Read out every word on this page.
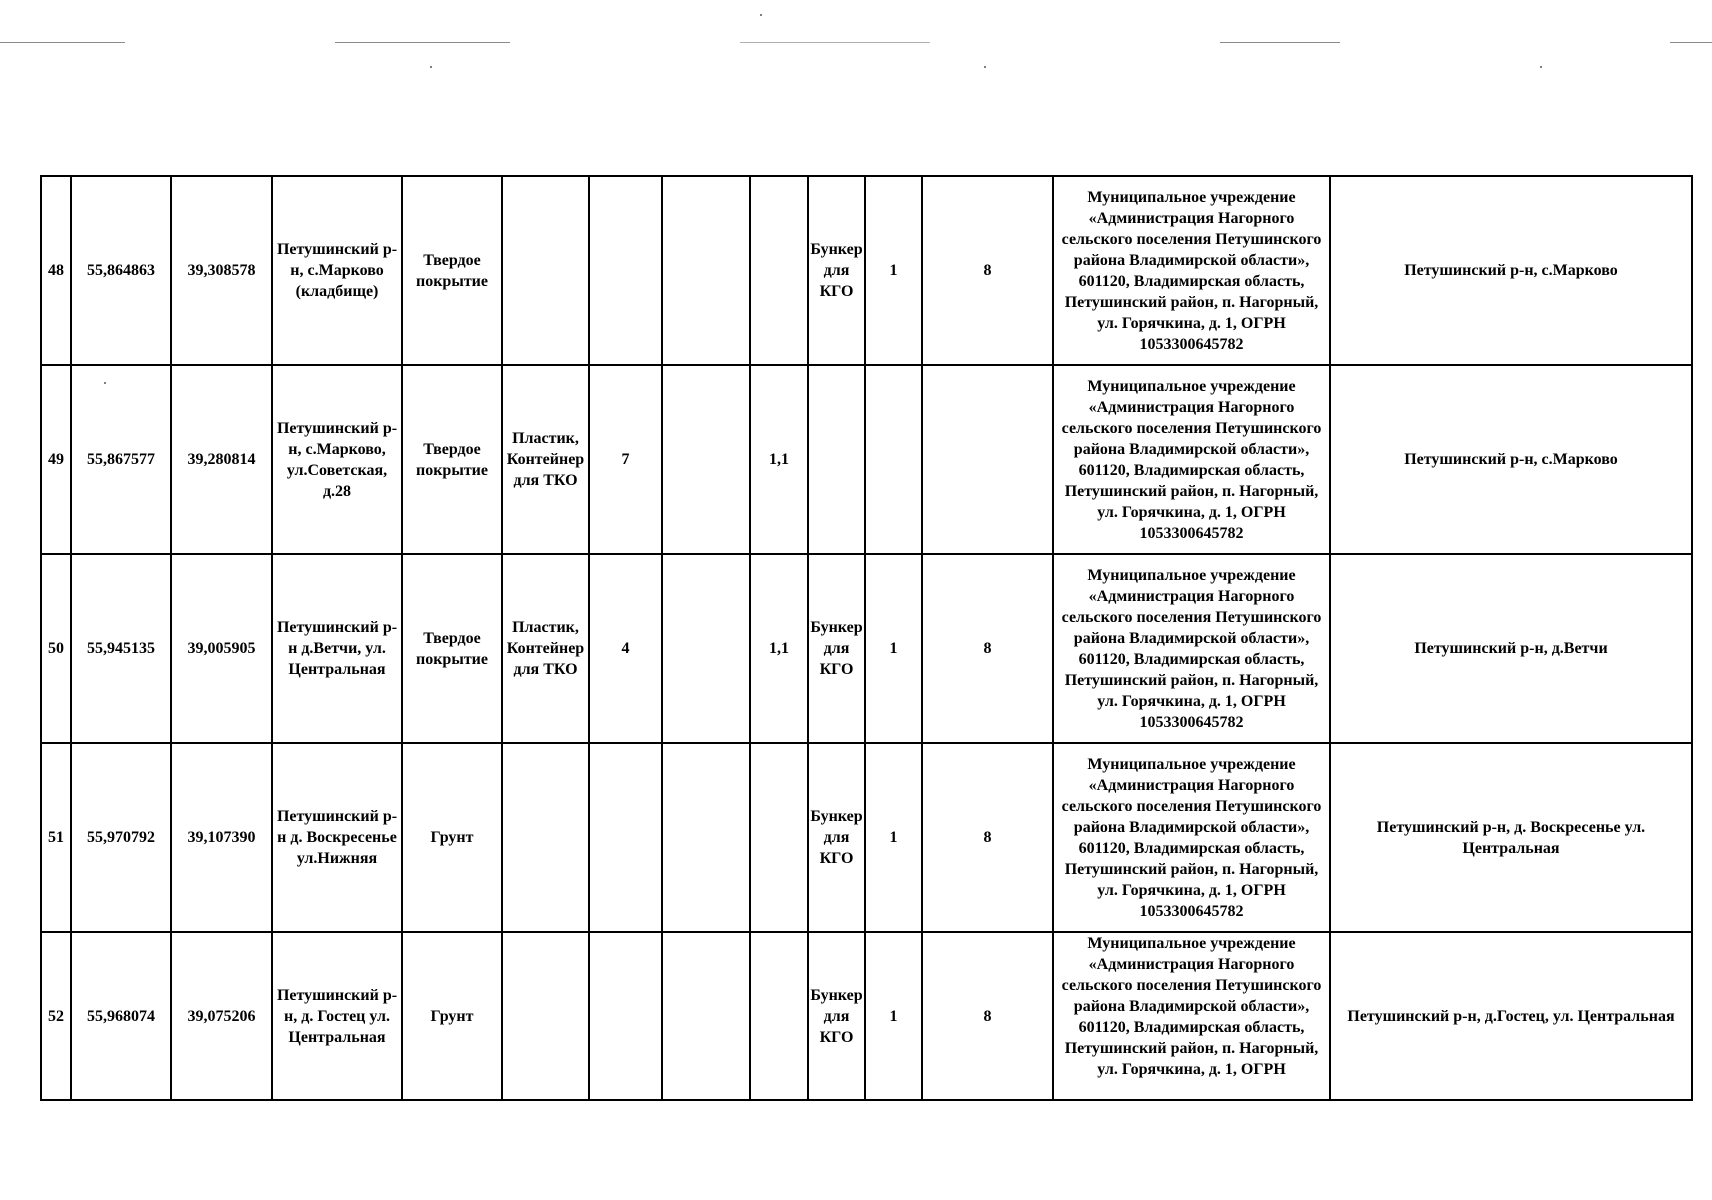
48	55,864863	39,308578	Петушинский р-н, с.Марково (кладбище)	Твердое покрытие					Бункер для КГО	1	8	Муниципальное учреждение «Администрация Нагорного сельского поселения Петушинского района Владимирской области», 601120, Владимирская область, Петушинский район, п. Нагорный, ул. Горячкина, д. 1, ОГРН 1053300645782	Петушинский р-н, с.Марково
49	55,867577	39,280814	Петушинский р-н, с.Марково, ул.Советская, д.28	Твердое покрытие	Пластик, Контейнер для ТКО	7		1,1				Муниципальное учреждение «Администрация Нагорного сельского поселения Петушинского района Владимирской области», 601120, Владимирская область, Петушинский район, п. Нагорный, ул. Горячкина, д. 1, ОГРН 1053300645782	Петушинский р-н, с.Марково
50	55,945135	39,005905	Петушинский р-н д.Ветчи, ул. Центральная	Твердое покрытие	Пластик, Контейнер для ТКО	4		1,1	Бункер для КГО	1	8	Муниципальное учреждение «Администрация Нагорного сельского поселения Петушинского района Владимирской области», 601120, Владимирская область, Петушинский район, п. Нагорный, ул. Горячкина, д. 1, ОГРН 1053300645782	Петушинский р-н, д.Ветчи
51	55,970792	39,107390	Петушинский р-н д. Воскресенье ул.Нижняя	Грунт					Бункер для КГО	1	8	Муниципальное учреждение «Администрация Нагорного сельского поселения Петушинского района Владимирской области», 601120, Владимирская область, Петушинский район, п. Нагорный, ул. Горячкина, д. 1, ОГРН 1053300645782	Петушинский р-н, д. Воскресенье ул. Центральная
52	55,968074	39,075206	Петушинский р-н, д. Гостец ул. Центральная	Грунт					Бункер для КГО	1	8	Муниципальное учреждение «Администрация Нагорного сельского поселения Петушинского района Владимирской области», 601120, Владимирская область, Петушинский район, п. Нагорный, ул. Горячкина, д. 1, ОГРН	Петушинский р-н, д.Гостец, ул. Центральная
